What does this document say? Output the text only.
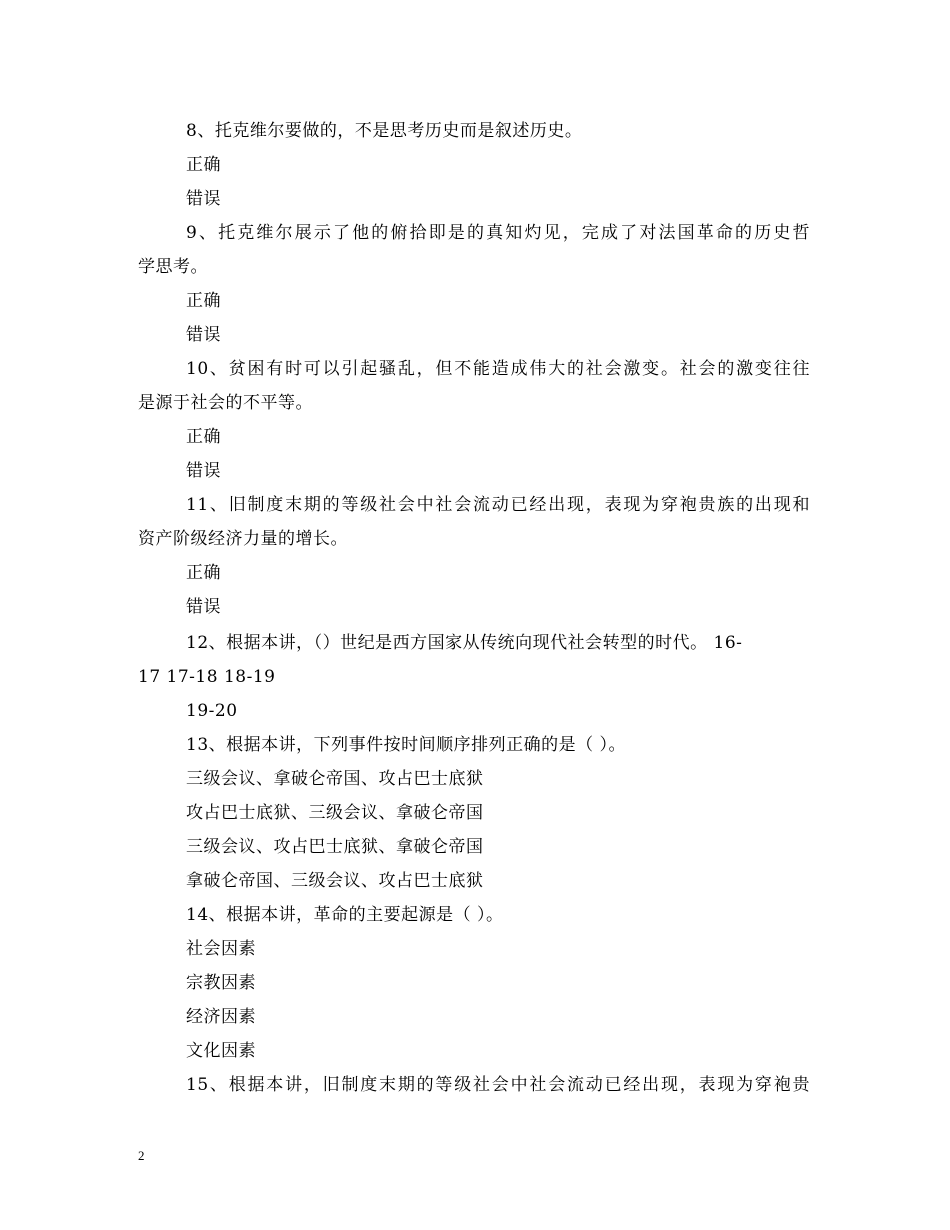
8、托克维尔要做的，不是思考历史而是叙述历史。
正确
错误
9、托克维尔展示了他的俯拾即是的真知灼见，完成了对法国革命的历史哲
学思考。
正确
错误
10、贫困有时可以引起骚乱，但不能造成伟大的社会激变。社会的激变往往
是源于社会的不平等。
正确
错误
11、旧制度末期的等级社会中社会流动已经出现，表现为穿袍贵族的出现和
资产阶级经济力量的增长。
正确
错误
12、根据本讲，（）世纪是西方国家从传统向现代社会转型的时代。 16-
17 17-18 18-19
19-20
13、根据本讲，下列事件按时间顺序排列正确的是（ ）。
三级会议、拿破仑帝国、攻占巴士底狱
攻占巴士底狱、三级会议、拿破仑帝国
三级会议、攻占巴士底狱、拿破仑帝国
拿破仑帝国、三级会议、攻占巴士底狱
14、根据本讲，革命的主要起源是（ ）。
社会因素
宗教因素
经济因素
文化因素
15、根据本讲，旧制度末期的等级社会中社会流动已经出现，表现为穿袍贵
2
